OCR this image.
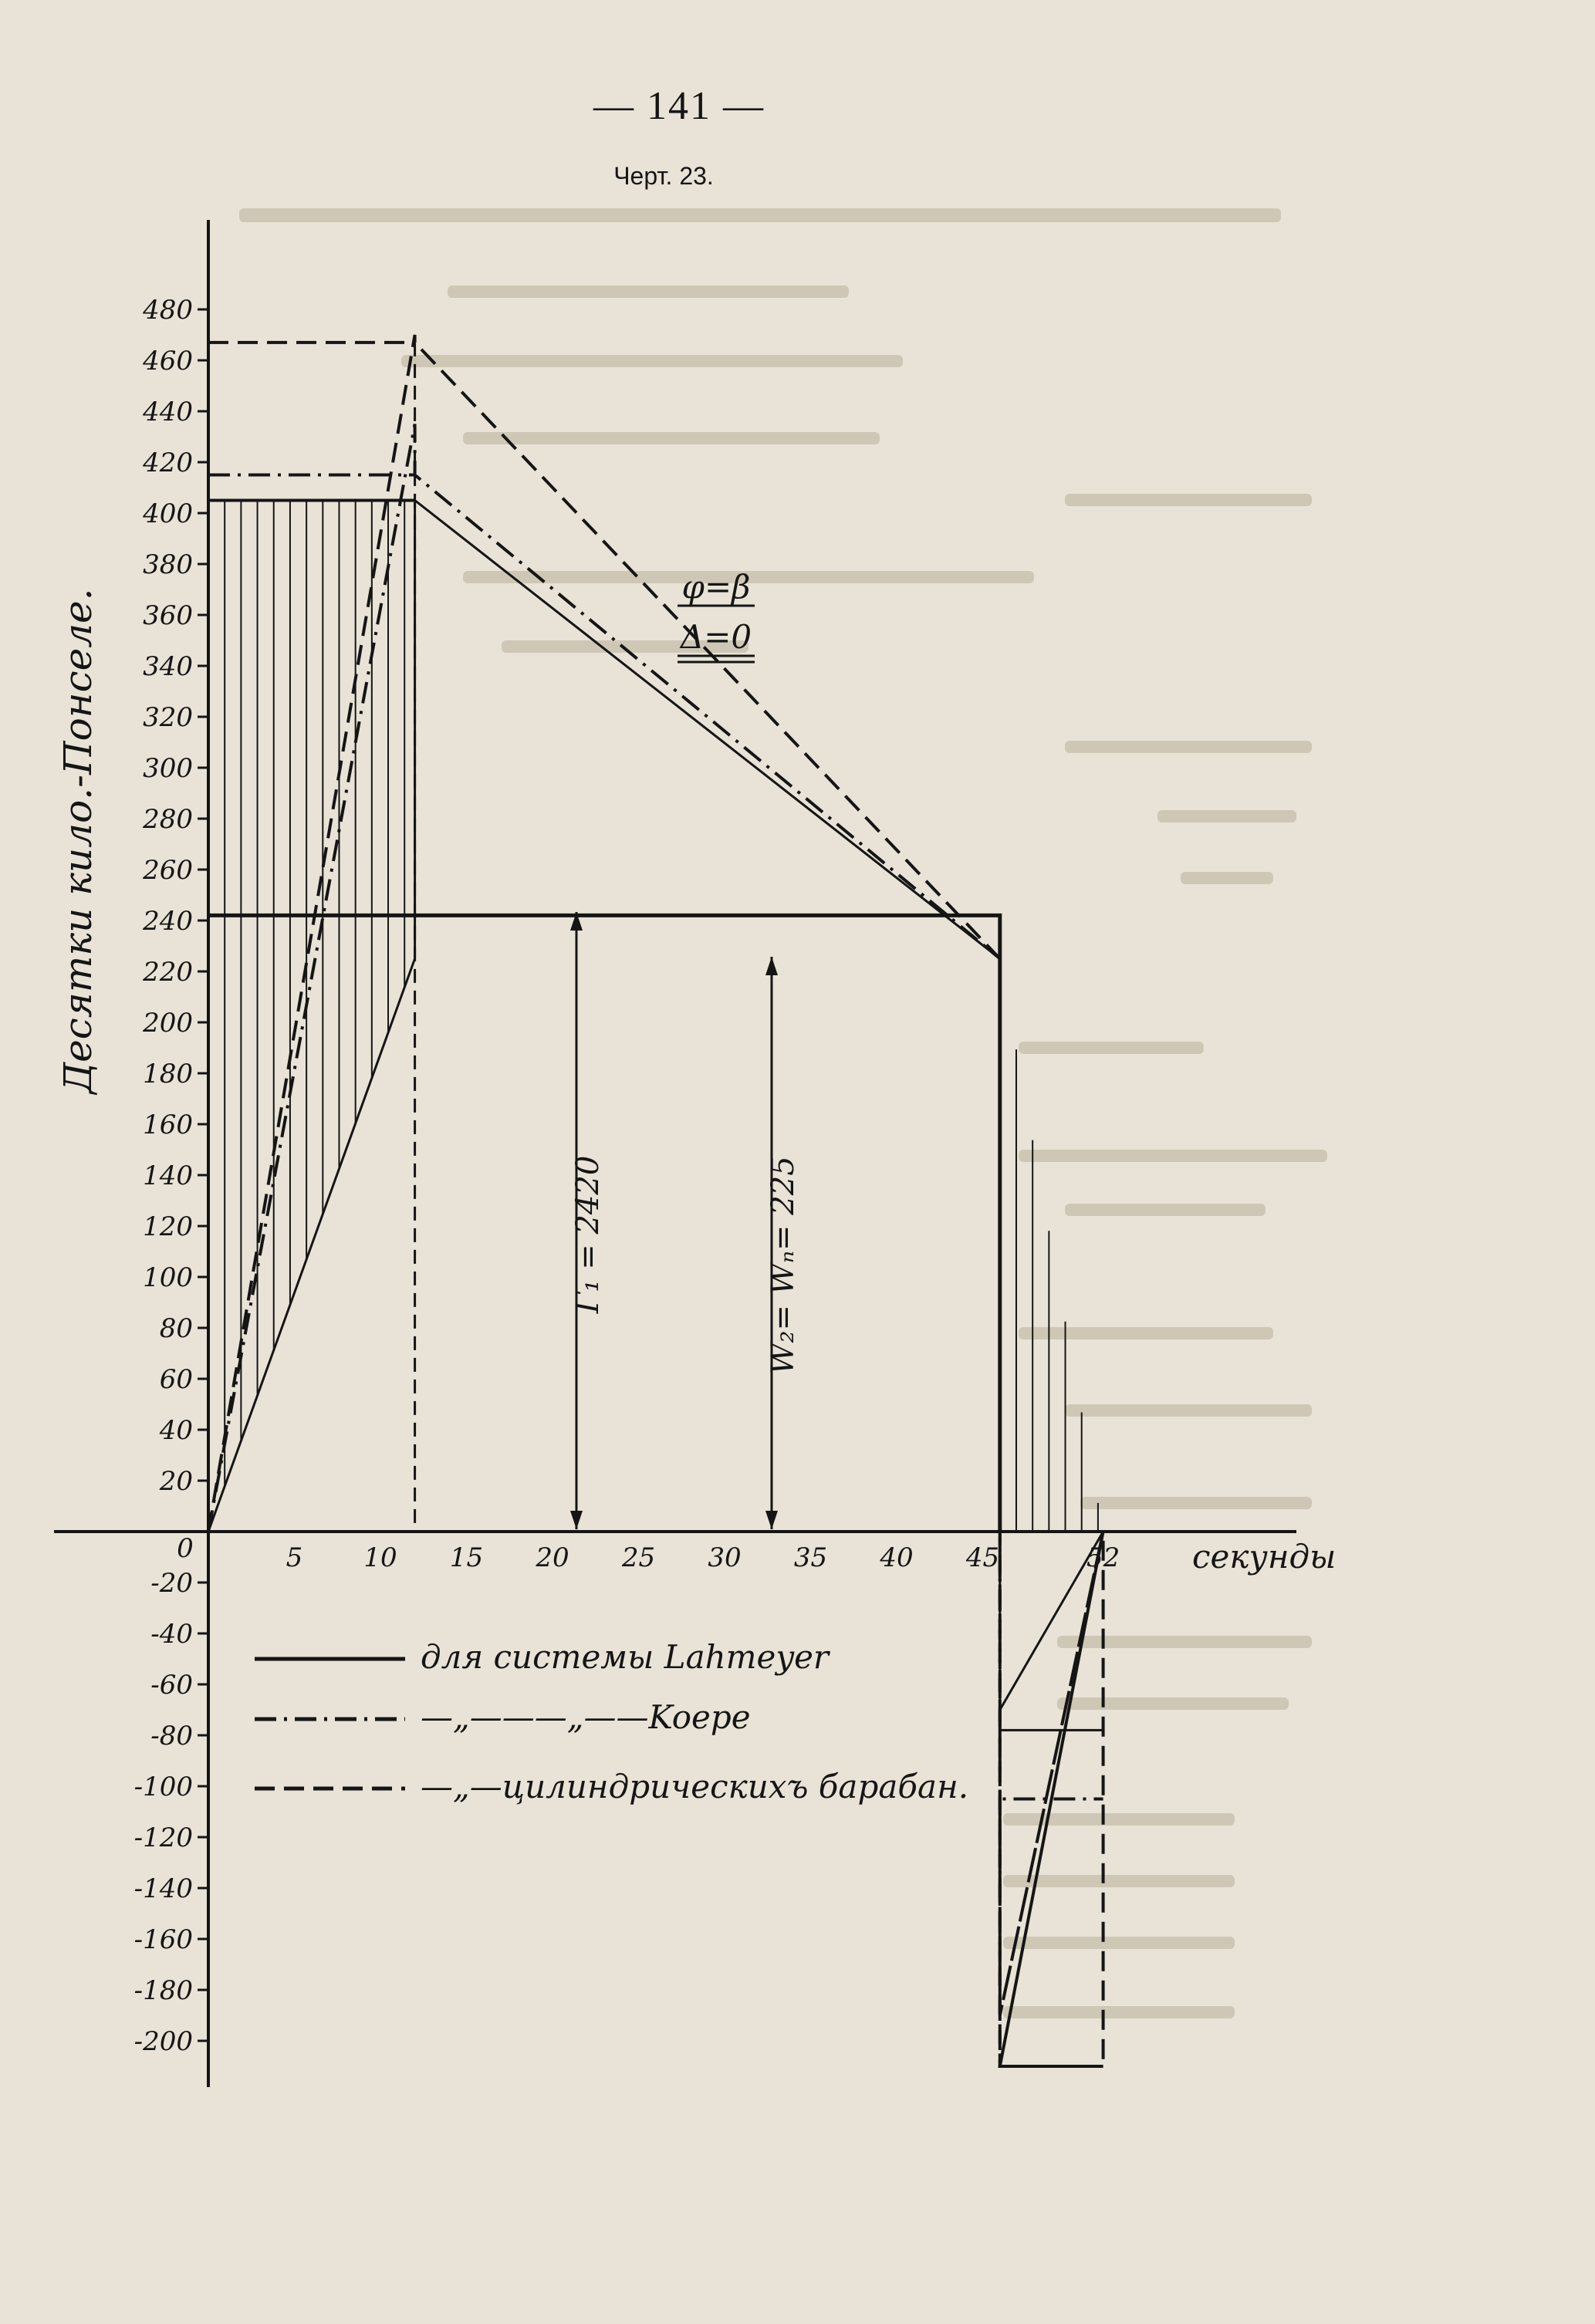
— 141 —
Черт. 23.
480
460
440
420
400
380
360
340
320
300
280
260
240
220
200
180
160
140
120
100
80
60
40
20
-20
-40
-60
-80
-100
-120
-140
-160
-180
-200
0	5 10 15 20 25 30 35 40 45	52
Десятки кило.-Понселе.
секунды
φ=β
Δ=0
Γ₁ = 2420	W₂= Wₙ= 225
для системы Lahmeyer
—„———„——Koepe
—„—цилиндрическихъ барабан.
